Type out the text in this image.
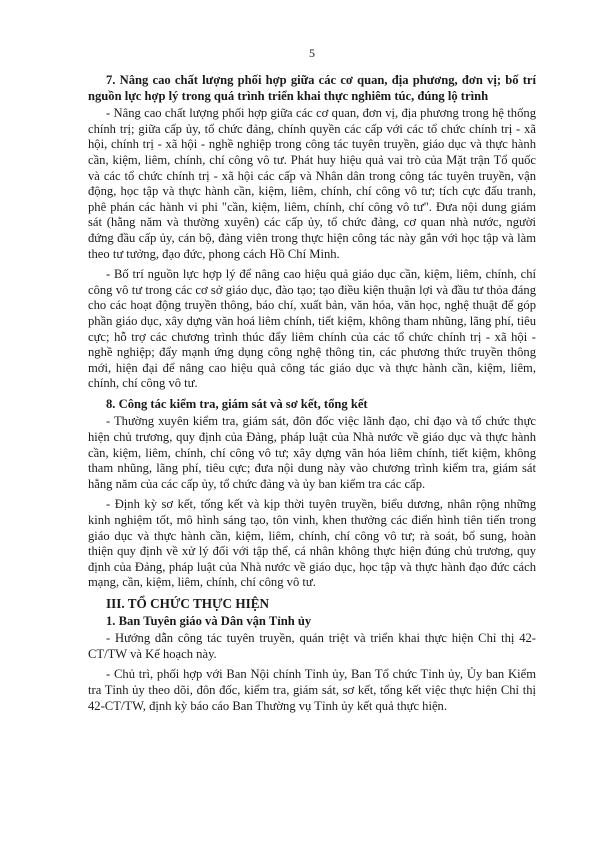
5
7. Nâng cao chất lượng phối hợp giữa các cơ quan, địa phương, đơn vị; bố trí nguồn lực hợp lý trong quá trình triển khai thực nghiêm túc, đúng lộ trình
- Nâng cao chất lượng phối hợp giữa các cơ quan, đơn vị, địa phương trong hệ thống chính trị; giữa cấp ủy, tổ chức đảng, chính quyền các cấp với các tổ chức chính trị - xã hội, chính trị - xã hội - nghề nghiệp trong công tác tuyên truyền, giáo dục và thực hành cần, kiệm, liêm, chính, chí công vô tư. Phát huy hiệu quả vai trò của Mặt trận Tổ quốc và các tổ chức chính trị - xã hội các cấp và Nhân dân trong công tác tuyên truyền, vận động, học tập và thực hành cần, kiệm, liêm, chính, chí công vô tư; tích cực đấu tranh, phê phán các hành vi phi "cần, kiệm, liêm, chính, chí công vô tư". Đưa nội dung giám sát (hằng năm và thường xuyên) các cấp ủy, tổ chức đảng, cơ quan nhà nước, người đứng đầu cấp ủy, cán bộ, đảng viên trong thực hiện công tác này gắn với học tập và làm theo tư tưởng, đạo đức, phong cách Hồ Chí Minh.
- Bố trí nguồn lực hợp lý để nâng cao hiệu quả giáo dục cần, kiệm, liêm, chính, chí công vô tư trong các cơ sở giáo dục, đào tạo; tạo điều kiện thuận lợi và đầu tư thỏa đáng cho các hoạt động truyền thông, báo chí, xuất bản, văn hóa, văn học, nghệ thuật để góp phần giáo dục, xây dựng văn hoá liêm chính, tiết kiệm, không tham nhũng, lãng phí, tiêu cực; hỗ trợ các chương trình thúc đẩy liêm chính của các tổ chức chính trị - xã hội - nghề nghiệp; đẩy mạnh ứng dụng công nghệ thông tin, các phương thức truyền thông mới, hiện đại để nâng cao hiệu quả công tác giáo dục và thực hành cần, kiệm, liêm, chính, chí công vô tư.
8. Công tác kiểm tra, giám sát và sơ kết, tổng kết
- Thường xuyên kiểm tra, giám sát, đôn đốc việc lãnh đạo, chỉ đạo và tổ chức thực hiện chủ trương, quy định của Đảng, pháp luật của Nhà nước về giáo dục và thực hành cần, kiệm, liêm, chính, chí công vô tư; xây dựng văn hóa liêm chính, tiết kiệm, không tham nhũng, lãng phí, tiêu cực; đưa nội dung này vào chương trình kiểm tra, giám sát hằng năm của các cấp ủy, tổ chức đảng và ủy ban kiểm tra các cấp.
- Định kỳ sơ kết, tổng kết và kịp thời tuyên truyền, biểu dương, nhân rộng những kinh nghiệm tốt, mô hình sáng tạo, tôn vinh, khen thưởng các điển hình tiên tiến trong giáo dục và thực hành cần, kiệm, liêm, chính, chí công vô tư; rà soát, bổ sung, hoàn thiện quy định về xử lý đối với tập thể, cá nhân không thực hiện đúng chủ trương, quy định của Đảng, pháp luật của Nhà nước về giáo dục, học tập và thực hành đạo đức cách mạng, cần, kiệm, liêm, chính, chí công vô tư.
III. TỔ CHỨC THỰC HIỆN
1. Ban Tuyên giáo và Dân vận Tỉnh ủy
- Hướng dẫn công tác tuyên truyền, quán triệt và triển khai thực hiện Chỉ thị 42-CT/TW và Kế hoạch này.
- Chủ trì, phối hợp với Ban Nội chính Tỉnh ủy, Ban Tổ chức Tỉnh ủy, Ủy ban Kiểm tra Tỉnh ủy theo dõi, đôn đốc, kiểm tra, giám sát, sơ kết, tổng kết việc thực hiện Chỉ thị 42-CT/TW, định kỳ báo cáo Ban Thường vụ Tỉnh ủy kết quả thực hiện.
